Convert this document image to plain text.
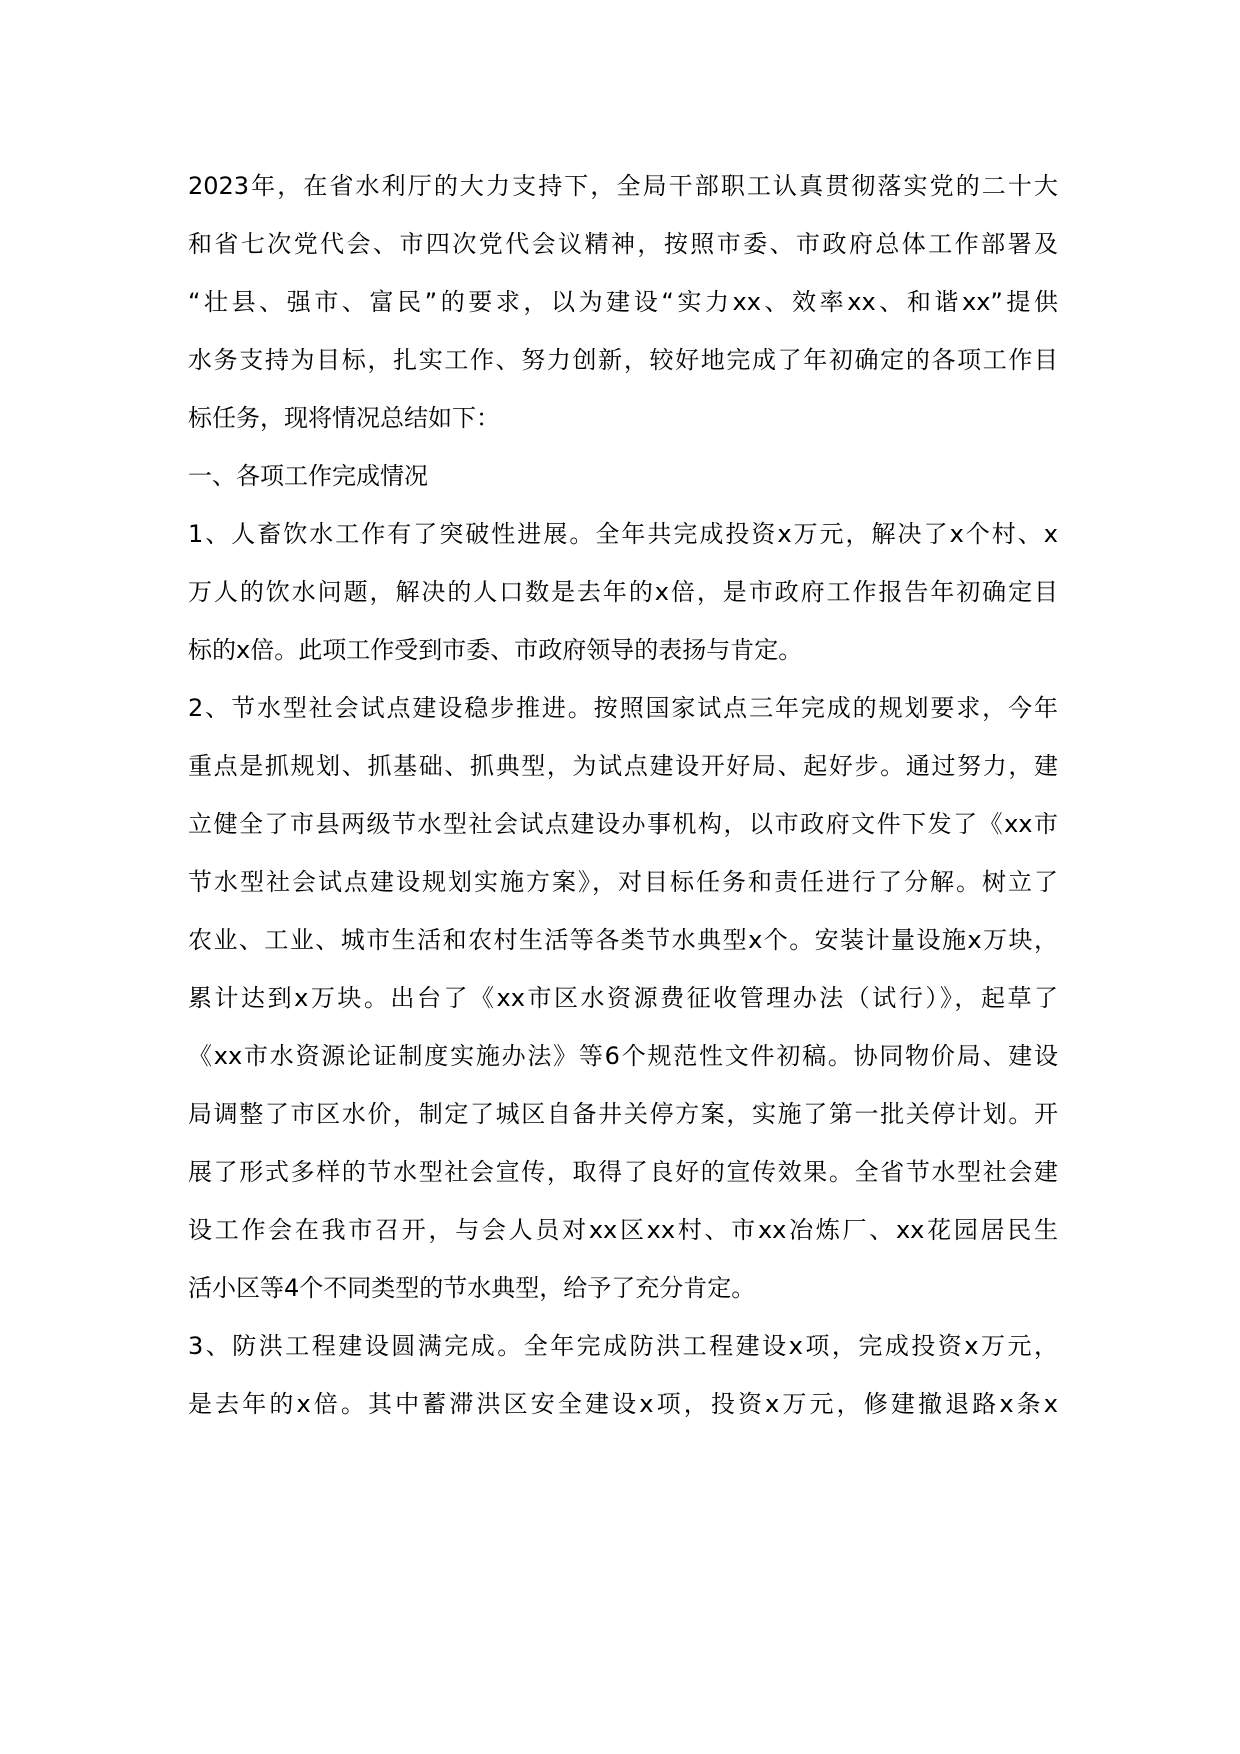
2023年，在省水利厅的大力支持下，全局干部职工认真贯彻落实党的二十大
和省七次党代会、市四次党代会议精神，按照市委、市政府总体工作部署及
“壮县、强市、富民”的要求，以为建设“实力xx、效率xx、和谐xx”提供
水务支持为目标，扎实工作、努力创新，较好地完成了年初确定的各项工作目
标任务，现将情况总结如下：
一、各项工作完成情况
1、人畜饮水工作有了突破性进展。全年共完成投资x万元，解决了x个村、x
万人的饮水问题，解决的人口数是去年的x倍，是市政府工作报告年初确定目
标的x倍。此项工作受到市委、市政府领导的表扬与肯定。
2、节水型社会试点建设稳步推进。按照国家试点三年完成的规划要求，今年
重点是抓规划、抓基础、抓典型，为试点建设开好局、起好步。通过努力，建
立健全了市县两级节水型社会试点建设办事机构，以市政府文件下发了《xx市
节水型社会试点建设规划实施方案》，对目标任务和责任进行了分解。树立了
农业、工业、城市生活和农村生活等各类节水典型x个。安装计量设施x万块，
累计达到x万块。出台了《xx市区水资源费征收管理办法（试行）》，起草了
《xx市水资源论证制度实施办法》等6个规范性文件初稿。协同物价局、建设
局调整了市区水价，制定了城区自备井关停方案，实施了第一批关停计划。开
展了形式多样的节水型社会宣传，取得了良好的宣传效果。全省节水型社会建
设工作会在我市召开，与会人员对xx区xx村、市xx冶炼厂、xx花园居民生
活小区等4个不同类型的节水典型，给予了充分肯定。
3、防洪工程建设圆满完成。全年完成防洪工程建设x项，完成投资x万元，
是去年的x倍。其中蓄滞洪区安全建设x项，投资x万元，修建撤退路x条x
